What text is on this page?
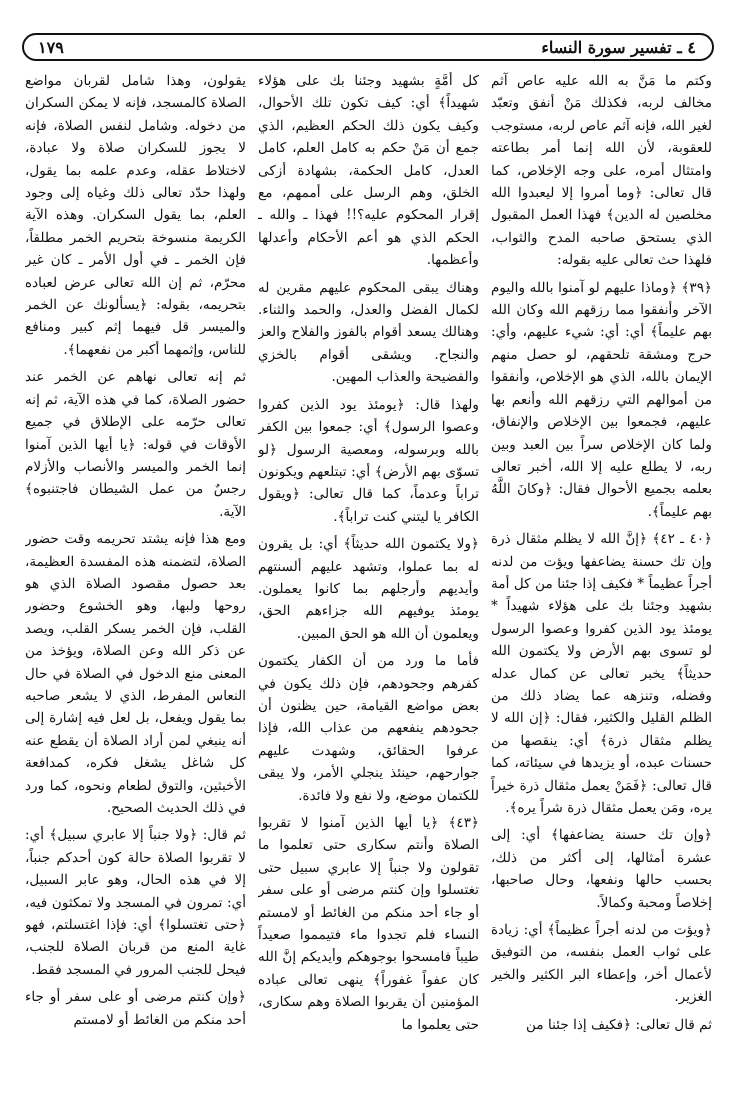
٤ ـ تفسير سورة النساء
١٧٩

وكتم ما مَنَّ به الله عليه عاص آثم مخالف لربه، فكذلك مَنْ أنفق وتعبّد لغير الله، فإنه آثم عاص لربه، مستوجب للعقوبة، لأن الله إنما أمر بطاعته وامتثال أمره، على وجه الإخلاص، كما قال تعالى: ﴿وما أمروا إلا ليعبدوا الله مخلصين له الدين﴾ فهذا العمل المقبول الذي يستحق صاحبه المدح والثواب، فلهذا حث تعالى عليه بقوله:

﴿٣٩﴾ ﴿وماذا عليهم لو آمنوا بالله واليوم الآخر وأنفقوا مما رزقهم الله وكان الله بهم عليماً﴾ أي: أي: شيء عليهم، وأي: حرج ومشقة تلحقهم، لو حصل منهم الإيمان بالله، الذي هو الإخلاص، وأنفقوا من أموالهم التي رزقهم الله وأنعم بها عليهم، فجمعوا بين الإخلاص والإنفاق، ولما كان الإخلاص سراً بين العبد وبين ربه، لا يطلع عليه إلا الله، أخبر تعالى بعلمه بجميع الأحوال فقال: ﴿وكانَ اللَّهُ بهم عليماً﴾.

﴿٤٠ ـ ٤٢﴾ ﴿إنَّ الله لا يظلم مثقال ذرة وإن تك حسنة يضاعفها ويؤت من لدنه أجراً عظيماً * فكيف إذا جئنا من كل أمة بشهيد وجئنا بك على هؤلاء شهيداً * يومئذ يود الذين كفروا وعصوا الرسول لو تسوى بهم الأرض ولا يكتمون الله حديثاً﴾ يخبر تعالى عن كمال عدله وفضله، وتنزهه عما يضاد ذلك من الظلم القليل والكثير، فقال: ﴿إن الله لا يظلم مثقال ذرة﴾ أي: ينقصها من حسنات عبده، أو يزيدها في سيئاته، كما قال تعالى: ﴿فَمَنْ يعمل مثقال ذرة خيراً يره، ومَن يعمل مثقال ذرة شراً يره﴾.

﴿وإن تك حسنة يضاعفها﴾ أي: إلى عشرة أمثالها، إلى أكثر من ذلك، بحسب حالها ونفعها، وحال صاحبها، إخلاصاً ومحبة وكمالاً.

﴿ويؤت من لدنه أجراً عظيماً﴾ أي: زيادة على ثواب العمل بنفسه، من التوفيق لأعمال أخر، وإعطاء البر الكثير والخير الغزير.

ثم قال تعالى: ﴿فكيف إذا جئنا من

كل أمَّةٍ بشهيد وجئنا بك على هؤلاء شهيداً﴾ أي: كيف تكون تلك الأحوال، وكيف يكون ذلك الحكم العظيم، الذي جمع أن مَنْ حكم به كامل العلم، كامل العدل، كامل الحكمة، بشهادة أزكى الخلق، وهم الرسل على أممهم، مع إقرار المحكوم عليه؟!! فهذا ـ والله ـ الحكم الذي هو أعم الأحكام وأعدلها وأعظمها.

وهناك يبقى المحكوم عليهم مقرين له لكمال الفضل والعدل، والحمد والثناء. وهنالك يسعد أقوام بالفوز والفلاح والعز والنجاح. ويشقى أقوام بالخزي والفضيحة والعذاب المهين.

ولهذا قال: ﴿يومئذ يود الذين كفروا وعصوا الرسول﴾ أي: جمعوا بين الكفر بالله وبرسوله، ومعصية الرسول ﴿لو تسوّى بهم الأرض﴾ أي: تبتلعهم ويكونون تراباً وعدماً، كما قال تعالى: ﴿ويقول الكافر يا ليتني كنت تراباً﴾.

﴿ولا يكتمون الله حديثاً﴾ أي: بل يقرون له بما عملوا، وتشهد عليهم ألسنتهم وأيديهم وأرجلهم بما كانوا يعملون. يومئذ يوفيهم الله جزاءهم الحق، ويعلمون أن الله هو الحق المبين.

فأما ما ورد من أن الكفار يكتمون كفرهم وجحودهم، فإن ذلك يكون في بعض مواضع القيامة، حين يظنون أن جحودهم ينفعهم من عذاب الله، فإذا عرفوا الحقائق، وشهدت عليهم جوارحهم، حينئذ ينجلي الأمر، ولا يبقى للكتمان موضع، ولا نفع ولا فائدة.

﴿٤٣﴾ ﴿يا أيها الذين آمنوا لا تقربوا الصلاة وأنتم سكارى حتى تعلموا ما تقولون ولا جنباً إلا عابري سبيل حتى تغتسلوا وإن كنتم مرضى أو على سفر أو جاء أحد منكم من الغائط أو لامستم النساء فلم تجدوا ماء فتيمموا صعيداً طيباً فامسحوا بوجوهكم وأيديكم إنَّ الله كان عفواً غفوراً﴾ ينهى تعالى عباده المؤمنين أن يقربوا الصلاة وهم سكارى، حتى يعلموا ما

يقولون، وهذا شامل لقربان مواضع الصلاة كالمسجد، فإنه لا يمكن السكران من دخوله. وشامل لنفس الصلاة، فإنه لا يجوز للسكران صلاة ولا عبادة، لاختلاط عقله، وعدم علمه بما يقول، ولهذا حدّد تعالى ذلك وغياه إلى وجود العلم، بما يقول السكران. وهذه الآية الكريمة منسوخة بتحريم الخمر مطلقاً، فإن الخمر ـ في أول الأمر ـ كان غير محرّم، ثم إن الله تعالى عرض لعباده بتحريمه، بقوله: ﴿يسألونك عن الخمر والميسر قل فيهما إثم كبير ومنافع للناس، وإثمهما أكبر من نفعهما﴾.

ثم إنه تعالى نهاهم عن الخمر عند حضور الصلاة، كما في هذه الآية، ثم إنه تعالى حرّمه على الإطلاق في جميع الأوقات في قوله: ﴿يا أيها الذين آمنوا إنما الخمر والميسر والأنصاب والأزلام رجسٌ من عمل الشيطان فاجتنبوه﴾ الآية.

ومع هذا فإنه يشتد تحريمه وقت حضور الصلاة، لتضمنه هذه المفسدة العظيمة، بعد حصول مقصود الصلاة الذي هو روحها ولبها، وهو الخشوع وحضور القلب، فإن الخمر يسكر القلب، ويصد عن ذكر الله وعن الصلاة، ويؤخذ من المعنى منع الدخول في الصلاة في حال النعاس المفرط، الذي لا يشعر صاحبه بما يقول ويفعل، بل لعل فيه إشارة إلى أنه ينبغي لمن أراد الصلاة أن يقطع عنه كل شاغل يشغل فكره، كمدافعة الأخبثين، والتوق لطعام ونحوه، كما ورد في ذلك الحديث الصحيح.

ثم قال: ﴿ولا جنباً إلا عابري سبيل﴾ أي: لا تقربوا الصلاة حالة كون أحدكم جنباً، إلا في هذه الحال، وهو عابر السبيل، أي: تمرون في المسجد ولا تمكثون فيه، ﴿حتى تغتسلوا﴾ أي: فإذا اغتسلتم، فهو غاية المنع من قربان الصلاة للجنب، فيحل للجنب المرور في المسجد فقط.

﴿وإن كنتم مرضى أو على سفر أو جاء أحد منكم من الغائط أو لامستم
